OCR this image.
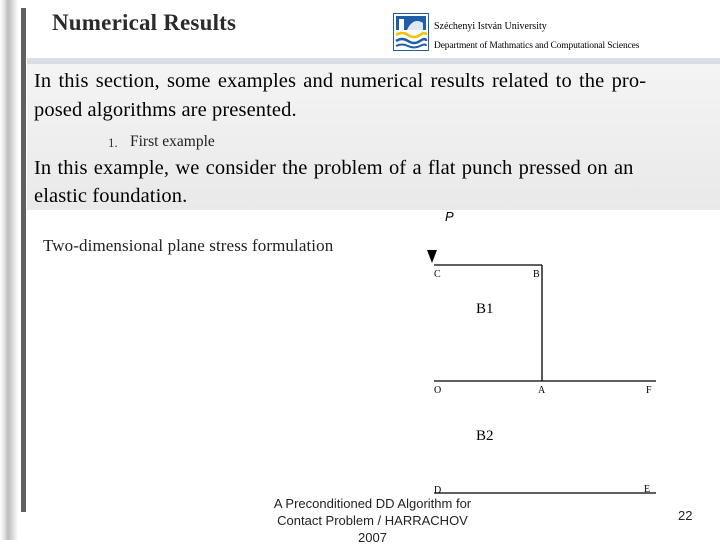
Numerical Results	Széchenyi István University
Department of Mathmatics and Computational Sciences
In this section, some examples and numerical results related to the pro-
posed algorithms are presented.
1. First example
In this example, we consider the problem of a flat punch pressed on an
elastic foundation.
Two-dimensional plane stress formulation
P
C	B
O	A	F
D	E
B1
B2
A Preconditioned DD Algorithm for
Contact Problem / HARRACHOV
2007
22
